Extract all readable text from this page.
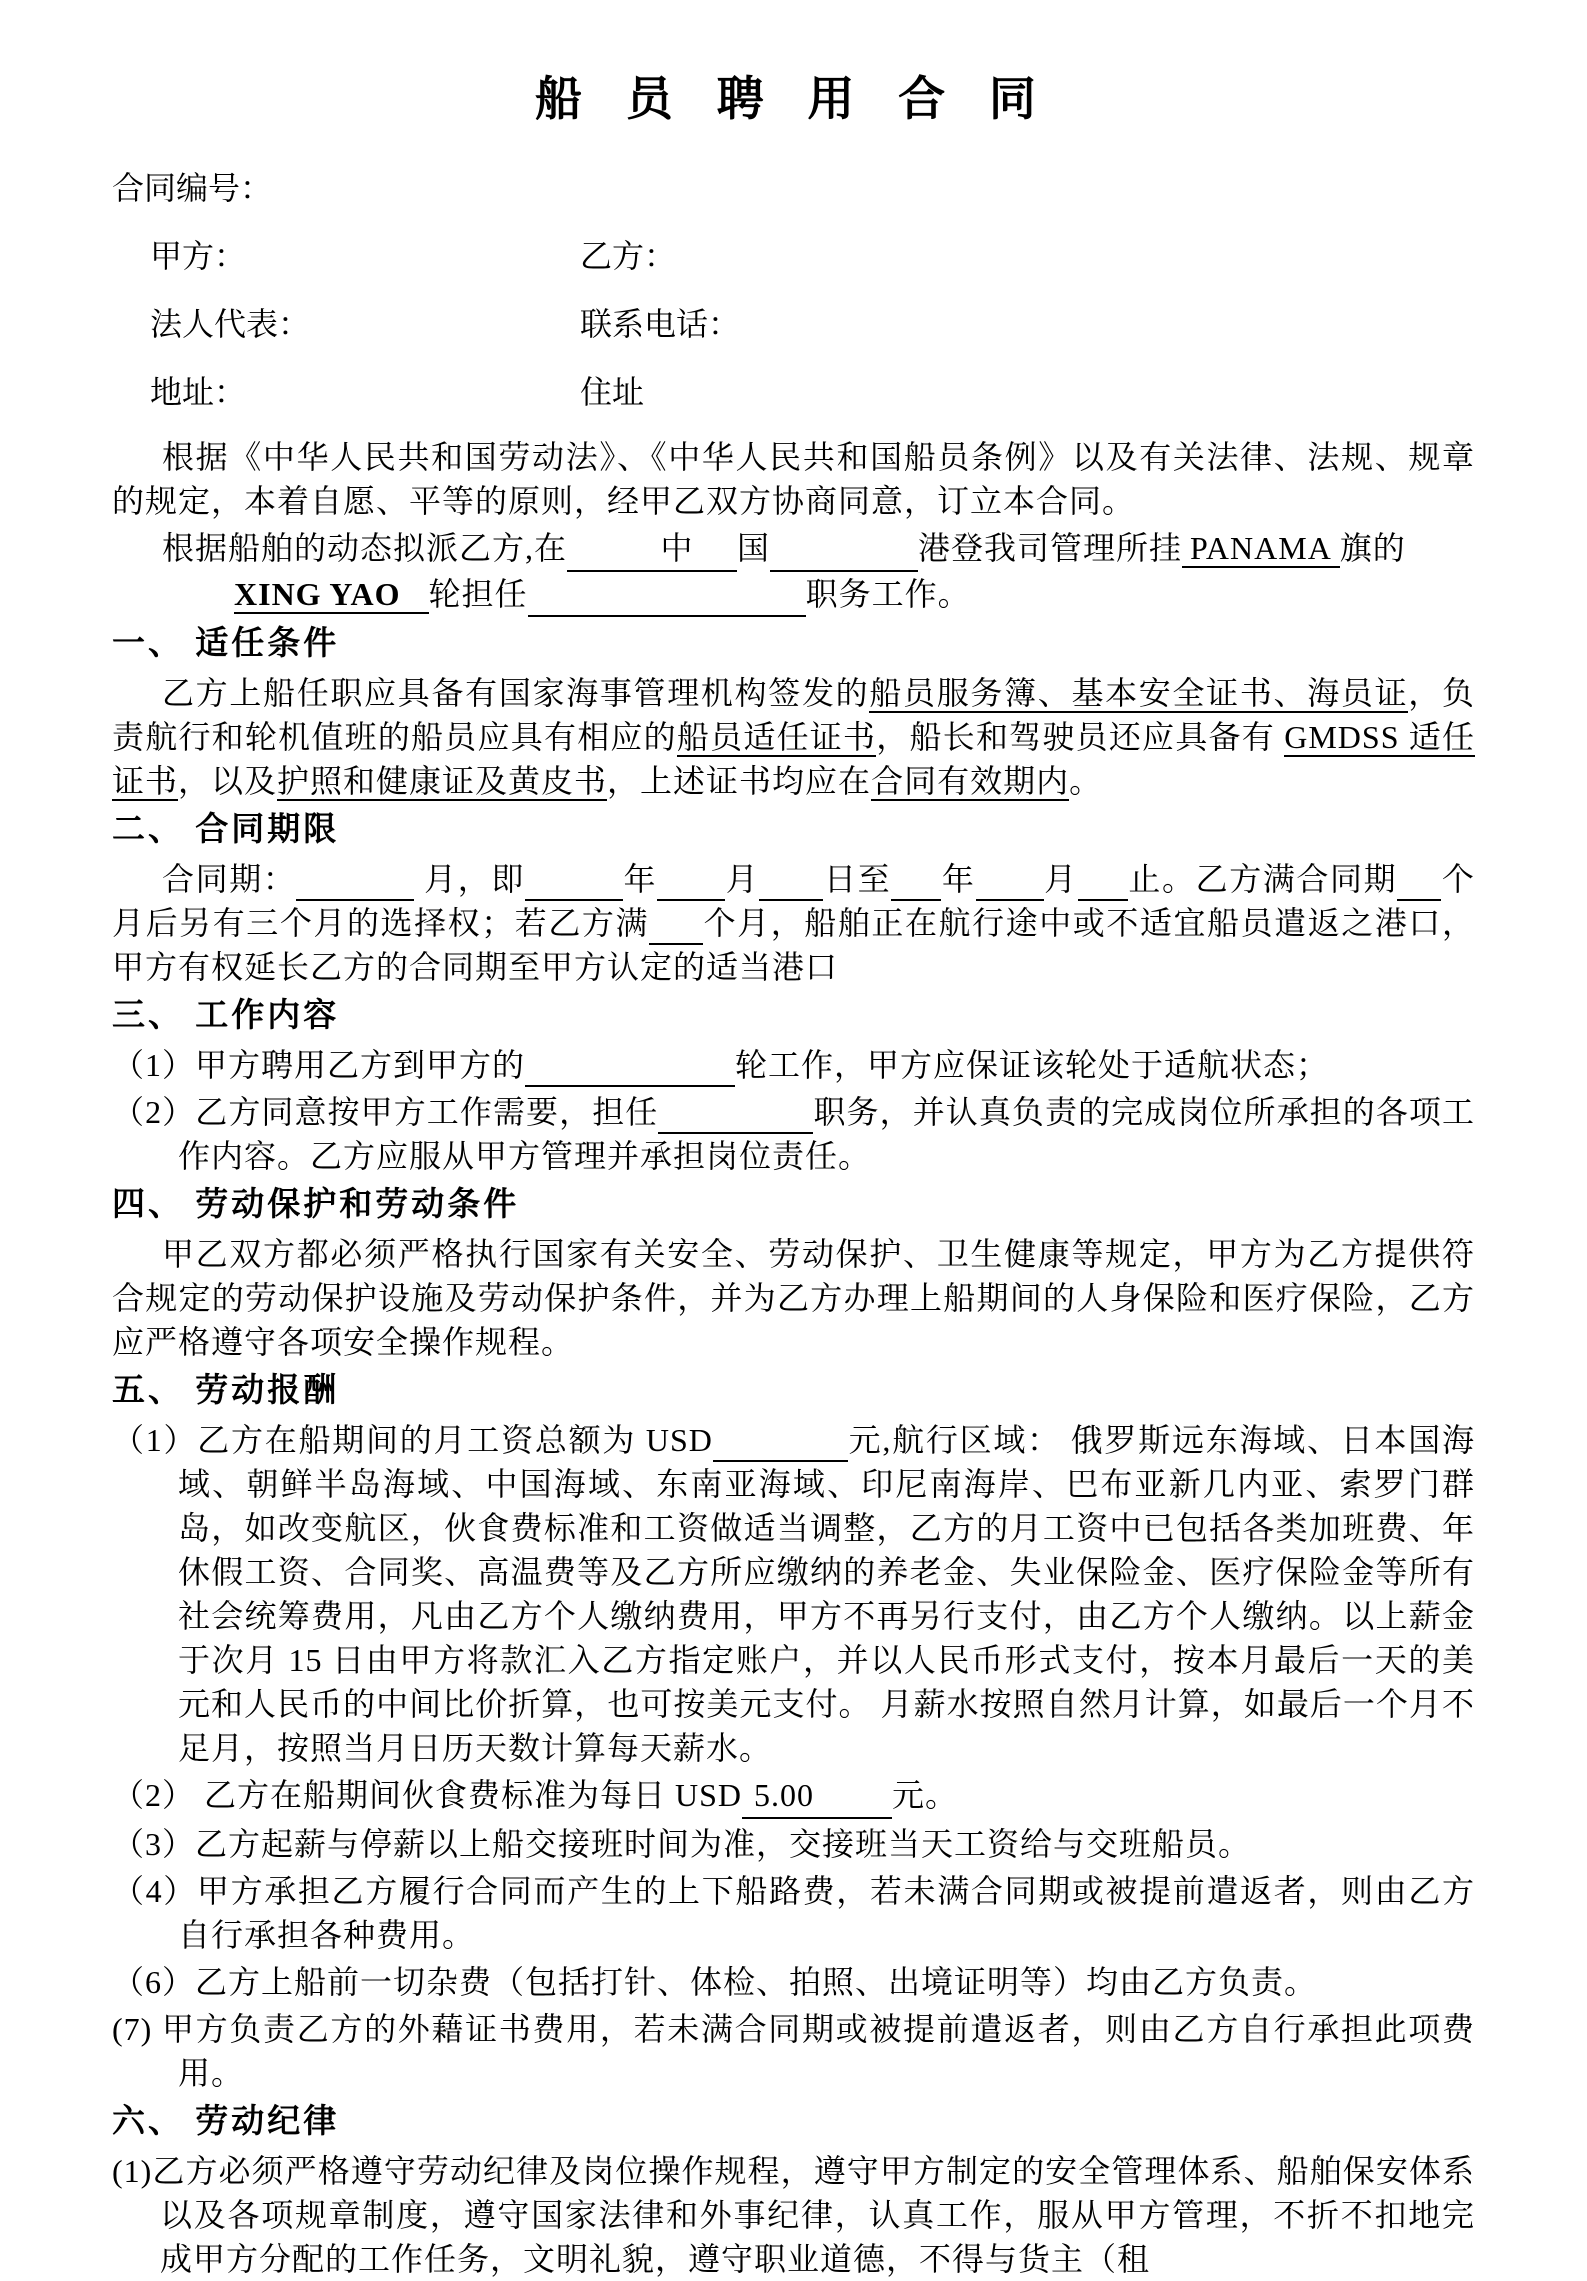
船 员 聘 用 合 同
合同编号：
甲方：	乙方：
法人代表：	联系电话：
地址：	住址

根据《中华人民共和国劳动法》、《中华人民共和国船员条例》以及有关法律、法规、规章的规定，本着自愿、平等的原则，经甲乙双方协商同意，订立本合同。

根据船舶的动态拟派乙方,在	中 国	港登我司管理所挂 PANAMA 旗的
XING YAO 轮担任	职务工作。
一、 适任条件

乙方上船任职应具备有国家海事管理机构签发的船员服务簿、基本安全证书、海员证，负责航行和轮机值班的船员应具有相应的船员适任证书，船长和驾驶员还应具备有 GMDSS 适任证书，以及护照和健康证及黄皮书，上述证书均应在合同有效期内。

二、 合同期限

合同期：	月，即	年 月 日至 年 月 止。乙方满合同期 个月后另有三个月的选择权；若乙方满 个月，船舶正在航行途中或不适宜船员遣返之港口，甲方有权延长乙方的合同期至甲方认定的适当港口

三、 工作内容

（1）甲方聘用乙方到甲方的	轮工作，甲方应保证该轮处于适航状态；

（2）乙方同意按甲方工作需要，担任	职务，并认真负责的完成岗位所承担的各项工作内容。乙方应服从甲方管理并承担岗位责任。

四、 劳动保护和劳动条件

甲乙双方都必须严格执行国家有关安全、劳动保护、卫生健康等规定，甲方为乙方提供符合规定的劳动保护设施及劳动保护条件，并为乙方办理上船期间的人身保险和医疗保险，乙方应严格遵守各项安全操作规程。

五、 劳动报酬

（1）乙方在船期间的月工资总额为 USD	元,航行区域： 俄罗斯远东海域、日本国海域、朝鲜半岛海域、中国海域、东南亚海域、印尼南海岸、巴布亚新几内亚、索罗门群岛，如改变航区，伙食费标准和工资做适当调整，乙方的月工资中已包括各类加班费、年休假工资、合同奖、高温费等及乙方所应缴纳的养老金、失业保险金、医疗保险金等所有社会统筹费用，凡由乙方个人缴纳费用，甲方不再另行支付，由乙方个人缴纳。以上薪金于次月 15 日由甲方将款汇入乙方指定账户，并以人民币形式支付，按本月最后一天的美元和人民币的中间比价折算，也可按美元支付。 月薪水按照自然月计算，如最后一个月不足月，按照当月日历天数计算每天薪水。

（2） 乙方在船期间伙食费标准为每日 USD 5.00 元。

（3）乙方起薪与停薪以上船交接班时间为准，交接班当天工资给与交班船员。

（4）甲方承担乙方履行合同而产生的上下船路费，若未满合同期或被提前遣返者，则由乙方自行承担各种费用。

（6）乙方上船前一切杂费（包括打针、体检、拍照、出境证明等）均由乙方负责。

(7) 甲方负责乙方的外藉证书费用，若未满合同期或被提前遣返者，则由乙方自行承担此项费用。

六、 劳动纪律

(1)乙方必须严格遵守劳动纪律及岗位操作规程，遵守甲方制定的安全管理体系、船舶保安体系以及各项规章制度，遵守国家法律和外事纪律，认真工作，服从甲方管理，不折不扣地完成甲方分配的工作任务，文明礼貌，遵守职业道德，不得与货主（租
